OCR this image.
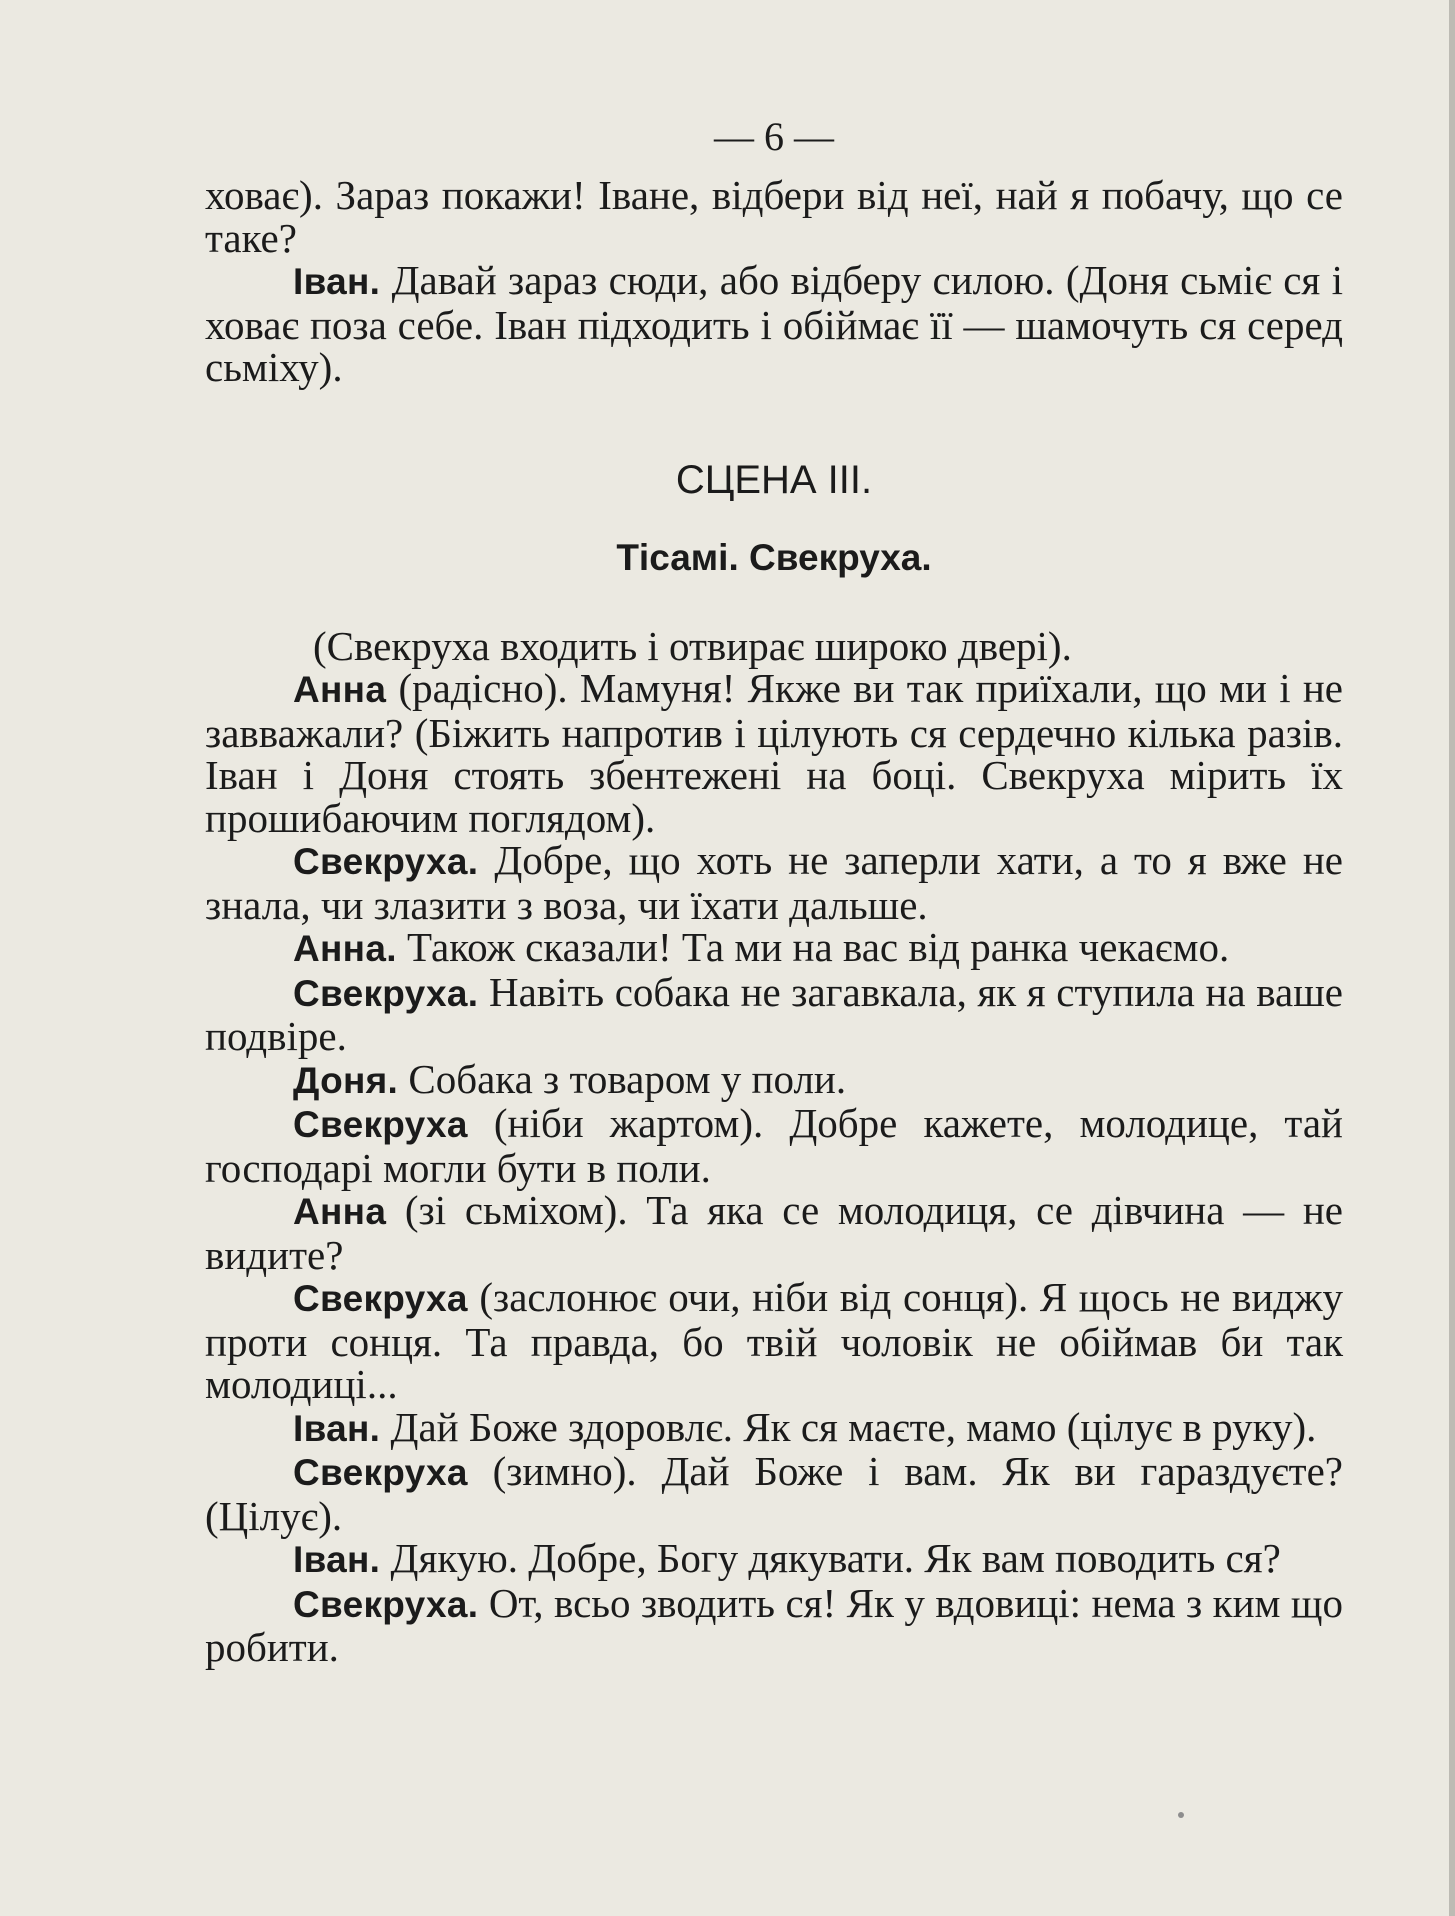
— 6 —

ховає). Зараз покажи! Іване, відбери від неї, най я побачу, що се таке?

Іван. Давай зараз сюди, або відберу силою. (Доня сьміє ся і ховає поза себе. Іван підходить і обіймає її — шамочуть ся серед сьміху).

СЦЕНА III.
Тісамі. Свекруха.

(Свекруха входить і отвирає широко двері).

Анна (радісно). Мамуня! Якже ви так приїхали, що ми і не завважали? (Біжить напротив і цілують ся сердечно кілька разів. Іван і Доня стоять збентежені на боці. Свекруха мірить їх прошибаючим поглядом).

Свекруха. Добре, що хоть не заперли хати, а то я вже не знала, чи злазити з воза, чи їхати дальше.

Анна. Також сказали! Та ми на вас від ранка чекаємо.

Свекруха. Навіть собака не загавкала, як я ступила на ваше подвіре.

Доня. Собака з товаром у поли.

Свекруха (ніби жартом). Добре кажете, молодице, тай господарі могли бути в поли.

Анна (зі сьміхом). Та яка се молодиця, се дівчина — не видите?

Свекруха (заслонює очи, ніби від сонця). Я щось не виджу проти сонця. Та правда, бо твій чоловік не обіймав би так молодиці...

Іван. Дай Боже здоровлє. Як ся маєте, мамо (цілує в руку).

Свекруха (зимно). Дай Боже і вам. Як ви гараздуєте? (Цілує).

Іван. Дякую. Добре, Богу дякувати. Як вам поводить ся?

Свекруха. От, всьо зводить ся! Як у вдовиці: нема з ким що робити.
